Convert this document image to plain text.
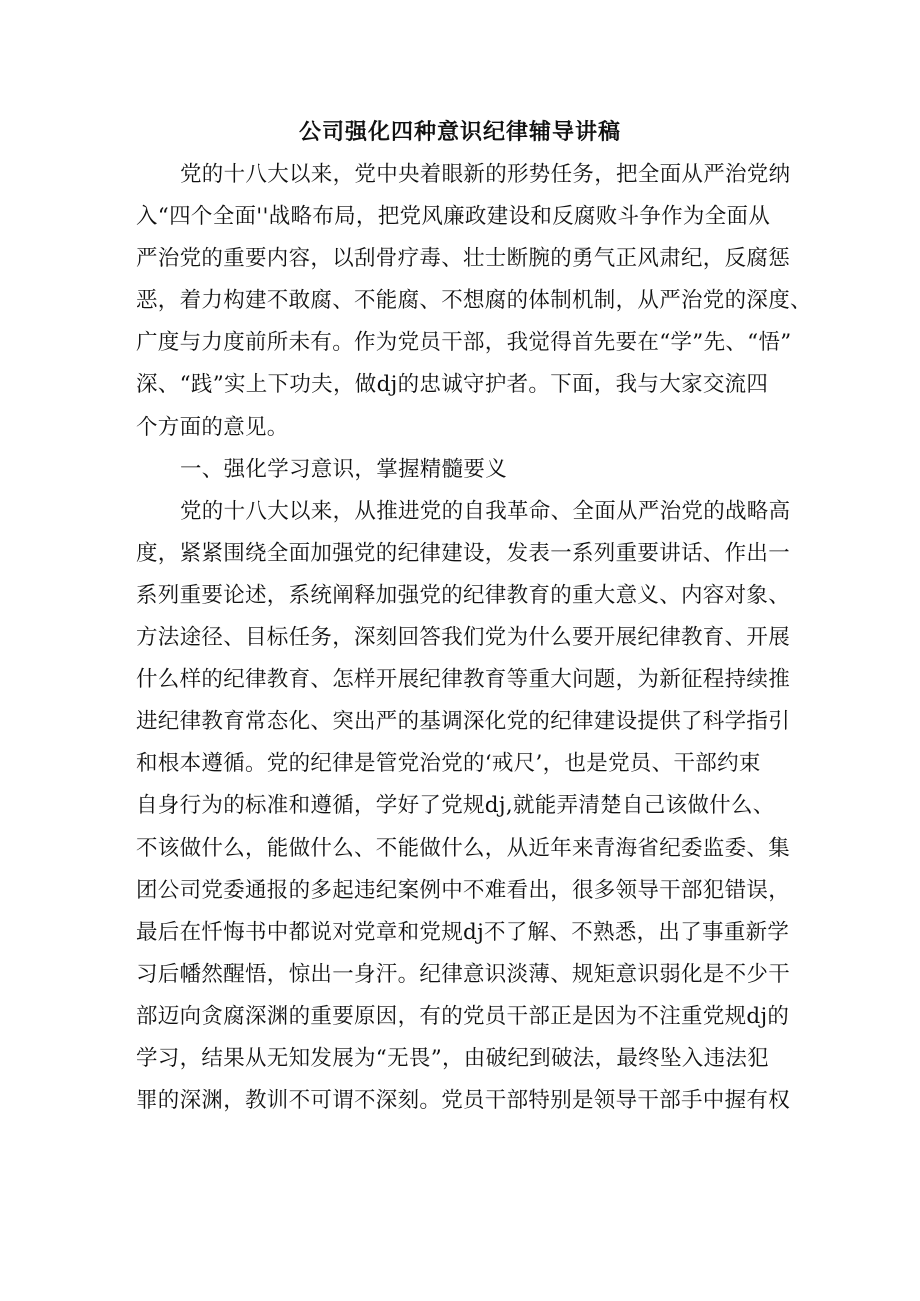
公司强化四种意识纪律辅导讲稿
党的十八大以来，党中央着眼新的形势任务，把全面从严治党纳
入“四个全面''战略布局，把党风廉政建设和反腐败斗争作为全面从
严治党的重要内容，以刮骨疗毒、壮士断腕的勇气正风肃纪，反腐惩
恶，着力构建不敢腐、不能腐、不想腐的体制机制，从严治党的深度、
广度与力度前所未有。作为党员干部，我觉得首先要在“学”先、“悟”
深、“践”实上下功夫，做dj的忠诚守护者。下面，我与大家交流四
个方面的意见。
一、强化学习意识，掌握精髓要义
党的十八大以来，从推进党的自我革命、全面从严治党的战略高
度，紧紧围绕全面加强党的纪律建设，发表一系列重要讲话、作出一
系列重要论述，系统阐释加强党的纪律教育的重大意义、内容对象、
方法途径、目标任务，深刻回答我们党为什么要开展纪律教育、开展
什么样的纪律教育、怎样开展纪律教育等重大问题，为新征程持续推
进纪律教育常态化、突出严的基调深化党的纪律建设提供了科学指引
和根本遵循。党的纪律是管党治党的‘戒尺’，也是党员、干部约束
自身行为的标准和遵循，学好了党规dj,就能弄清楚自己该做什么、
不该做什么，能做什么、不能做什么，从近年来青海省纪委监委、集
团公司党委通报的多起违纪案例中不难看出，很多领导干部犯错误，
最后在忏悔书中都说对党章和党规dj不了解、不熟悉，出了事重新学
习后幡然醒悟，惊出一身汗。纪律意识淡薄、规矩意识弱化是不少干
部迈向贪腐深渊的重要原因，有的党员干部正是因为不注重党规dj的
学习，结果从无知发展为“无畏”，由破纪到破法，最终坠入违法犯
罪的深渊，教训不可谓不深刻。党员干部特别是领导干部手中握有权
